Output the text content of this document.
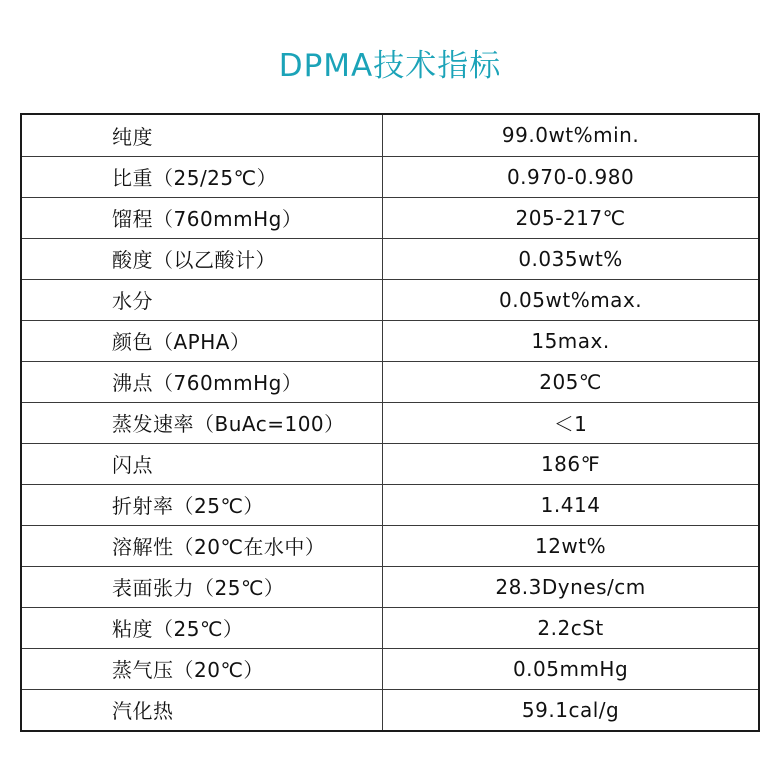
DPMA技术指标
纯度	99.0wt%min.
比重（25/25℃）	0.970-0.980
馏程（760mmHg）	205-217℃
酸度（以乙酸计）	0.035wt%
水分	0.05wt%max.
颜色（APHA）	15max.
沸点（760mmHg）	205℃
蒸发速率（BuAc=100）	＜1
闪点	186℉
折射率（25℃）	1.414
溶解性（20℃在水中）	12wt%
表面张力（25℃）	28.3Dynes/cm
粘度（25℃）	2.2cSt
蒸气压（20℃）	0.05mmHg
汽化热	59.1cal/g
